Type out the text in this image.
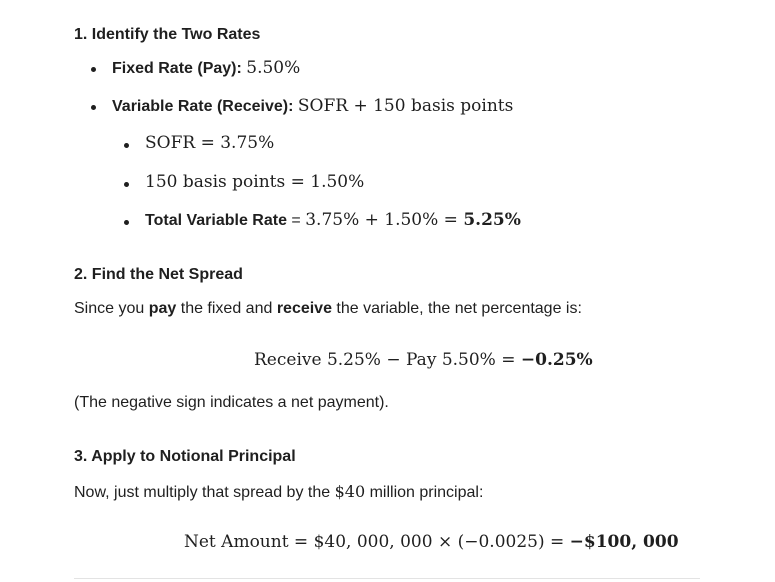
1. Identify the Two Rates
Fixed Rate (Pay): 5.50%
Variable Rate (Receive): SOFR + 150 basis points
SOFR = 3.75%
150 basis points = 1.50%
Total Variable Rate = 3.75% + 1.50% = 5.25%
2. Find the Net Spread
Since you pay the fixed and receive the variable, the net percentage is:
Receive 5.25% − Pay 5.50% = −0.25%
(The negative sign indicates a net payment).
3. Apply to Notional Principal
Now, just multiply that spread by the $40 million principal:
Net Amount = $40, 000, 000 × (−0.0025) = −$100, 000
